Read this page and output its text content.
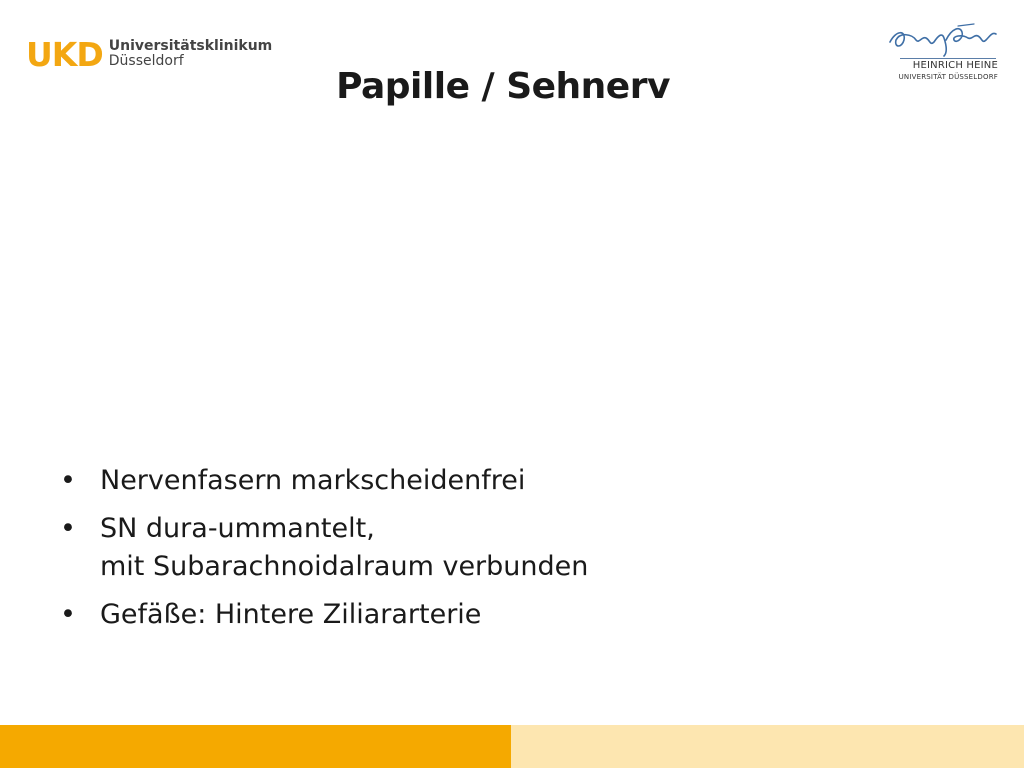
UKD Universitätsklinikum
Düsseldorf	HEINRICH HEINE
UNIVERSITÄT DÜSSELDORF
Papille / Sehnerv
• Nervenfasern markscheidenfrei
• SN dura-ummantelt,
mit Subarachnoidalraum verbunden
• Gefäße: Hintere Ziliararterie
